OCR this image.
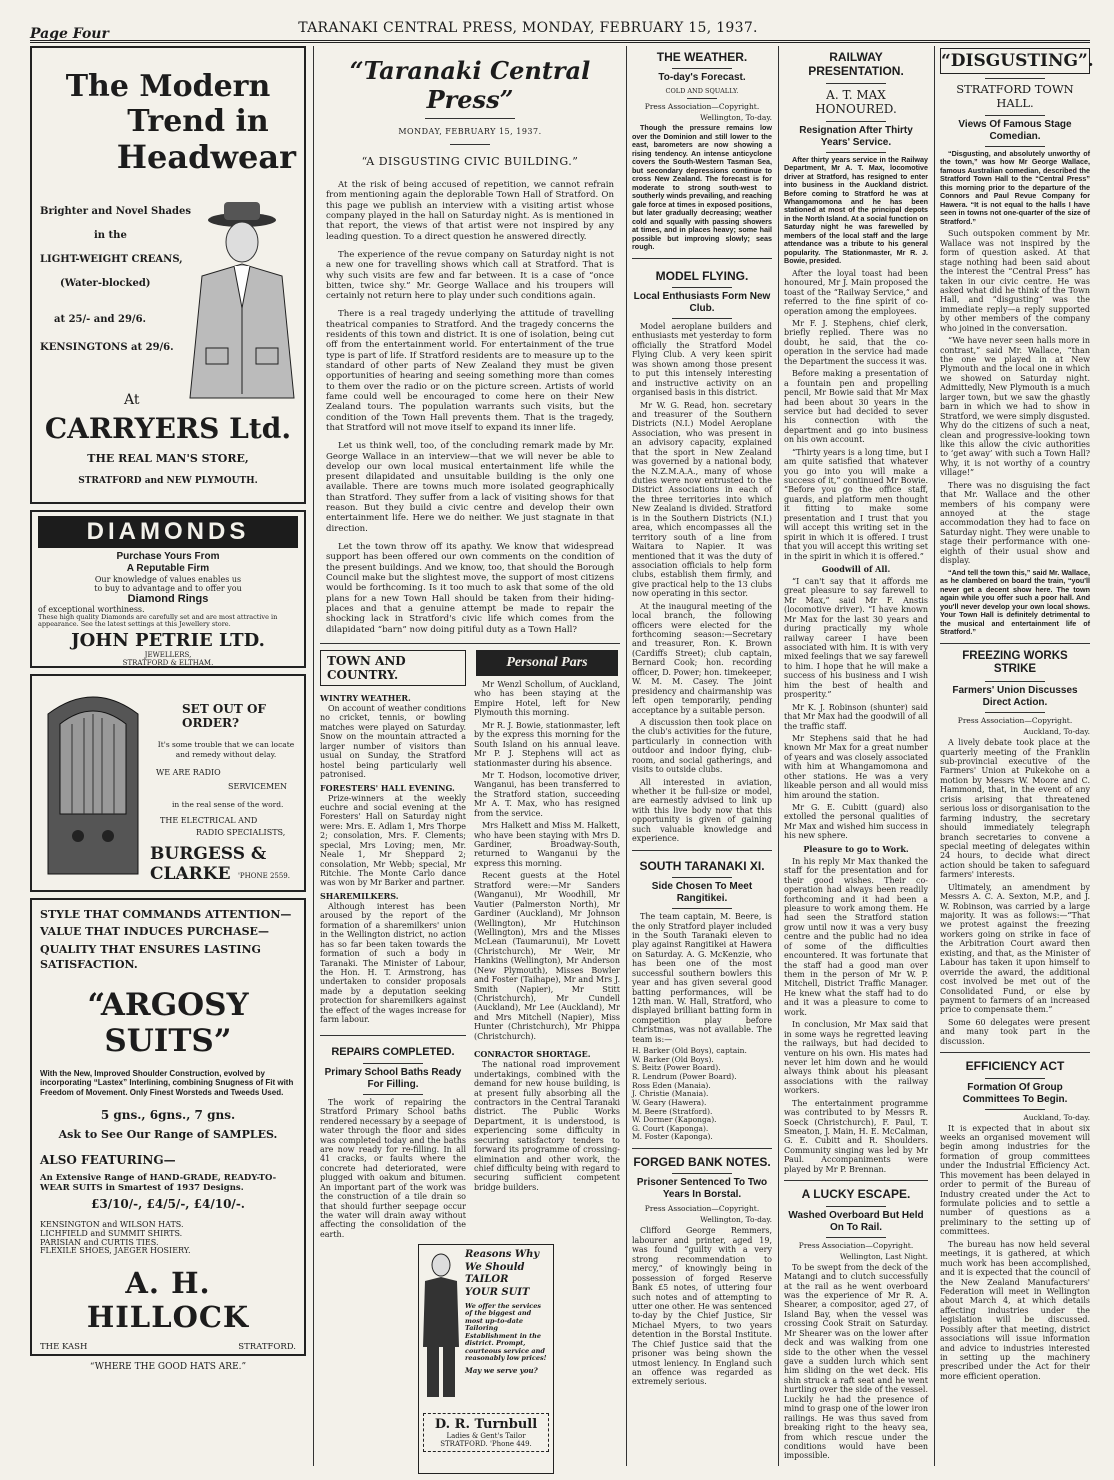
Page Four	TARANAKI CENTRAL PRESS, MONDAY, FEBRUARY 15, 1937.
The Modern
Trend in
Headwear
Brighter and Novel Shades
in the
LIGHT-WEIGHT CREANS,
(Water-blocked)
at 25/- and 29/6.
KENSINGTONS at 29/6.
At
CARRYERS Ltd.
THE REAL MAN'S STORE,
STRATFORD and NEW PLYMOUTH.
DIAMONDS
Purchase Yours From
A Reputable Firm
Our knowledge of values enables us
to buy to advantage and to offer you
Diamond Rings
of exceptional worthiness.
These high quality Diamonds are carefully set and are most attractive in appearance. See the latest settings at this Jewellery store.
JOHN PETRIE LTD.
JEWELLERS,
STRATFORD & ELTHAM.
SET OUT OF ORDER?
It's some trouble that we can locate
and remedy without delay.
WE ARE RADIO
SERVICEMEN
in the real sense of the word.
THE ELECTRICAL AND
RADIO SPECIALISTS,
BURGESS & CLARKE	'PHONE 2559.
STYLE THAT COMMANDS ATTENTION—
VALUE THAT INDUCES PURCHASE—
QUALITY THAT ENSURES LASTING SATISFACTION.
“ARGOSY SUITS”
With the New, Improved Shoulder Construction, evolved by incorporating “Lastex” Interlining, combining Snugness of Fit with Freedom of Movement. Only Finest Worsteds and Tweeds Used.
5 gns., 6gns., 7 gns.
Ask to See Our Range of SAMPLES.
ALSO FEATURING—
An Extensive Range of HAND-GRADE, READY-TO-WEAR SUITS in Smartest of 1937 Designs.
£3/10/-, £4/5/-, £4/10/-.
KENSINGTON and WILSON HATS.
LICHFIELD and SUMMIT SHIRTS.
PARISIAN and CURTIS TIES.
FLEXILE SHOES, JAEGER HOSIERY.
A. H. HILLOCK
THE KASH	STRATFORD.
“WHERE THE GOOD HATS ARE.”
“Taranaki Central Press”
MONDAY, FEBRUARY 15, 1937.
“A DISGUSTING CIVIC BUILDING.”

At the risk of being accused of repetition, we cannot refrain from mentioning again the deplorable Town Hall of Stratford. On this page we publish an interview with a visiting artist whose company played in the hall on Saturday night. As is mentioned in that report, the views of that artist were not inspired by any leading question. To a direct question he answered directly.

The experience of the revue company on Saturday night is not a new one for travelling shows which call at Stratford. That is why such visits are few and far between. It is a case of “once bitten, twice shy.” Mr. George Wallace and his troupers will certainly not return here to play under such conditions again.

There is a real tragedy underlying the attitude of travelling theatrical companies to Stratford. And the tragedy concerns the residents of this town and district. It is one of isolation, being cut off from the entertainment world. For entertainment of the true type is part of life. If Stratford residents are to measure up to the standard of other parts of New Zealand they must be given opportunities of hearing and seeing something more than comes to them over the radio or on the picture screen. Artists of world fame could well be encouraged to come here on their New Zealand tours. The population warrants such visits, but the condition of the Town Hall prevents them. That is the tragedy, that Stratford will not move itself to expand its inner life.

Let us think well, too, of the concluding remark made by Mr. George Wallace in an interview—that we will never be able to develop our own local musical entertainment life while the present dilapidated and unsuitable building is the only one available. There are towns much more isolated geographically than Stratford. They suffer from a lack of visiting shows for that reason. But they build a civic centre and develop their own entertainment life. Here we do neither. We just stagnate in that direction.

Let the town throw off its apathy. We know that widespread support has been offered our own comments on the condition of the present buildings. And we know, too, that should the Borough Council make but the slightest move, the support of most citizens would be forthcoming. Is it too much to ask that some of the old plans for a new Town Hall should be taken from their hiding-places and that a genuine attempt be made to repair the shocking lack in Stratford's civic life which comes from the dilapidated “barn” now doing pitiful duty as a Town Hall?

TOWN AND COUNTRY.
WINTRY WEATHER.

On account of weather conditions no cricket, tennis, or bowling matches were played on Saturday. Snow on the mountain attracted a larger number of visitors than usual on Sunday, the Stratford hostel being particularly well patronised.

FORESTERS' HALL EVENING.

Prize-winners at the weekly euchre and social evening at the Foresters' Hall on Saturday night were: Mrs. E. Adlam 1, Mrs Thorpe 2; consolation, Mrs. F. Clements; special, Mrs Loving; men, Mr. Neale 1, Mr Sheppard 2; consolation, Mr Webb; special, Mr Ritchie. The Monte Carlo dance was won by Mr Barker and partner.

SHAREMILKERS.

Although interest has been aroused by the report of the formation of a sharemilkers' union in the Wellington district, no action has so far been taken towards the formation of such a body in Taranaki. The Minister of Labour, the Hon. H. T. Armstrong, has undertaken to consider proposals made by a deputation seeking protection for sharemilkers against the effect of the wages increase for farm labour.

REPAIRS COMPLETED.
Primary School Baths Ready For Filling.

The work of repairing the Stratford Primary School baths rendered necessary by a seepage of water through the floor and sides was completed today and the baths are now ready for re-filling. In all 41 cracks, or faults where the concrete had deteriorated, were plugged with oakum and bitumen. An important part of the work was the construction of a tile drain so that should further seepage occur the water will drain away without affecting the consolidation of the earth.

Personal Pars

Mr Wenzl Schollum, of Auckland, who has been staying at the Empire Hotel, left for New Plymouth this morning.

Mr R. J. Bowie, stationmaster, left by the express this morning for the South Island on his annual leave. Mr P. J. Stephens will act as stationmaster during his absence.

Mr T. Hodson, locomotive driver, Wanganui, has been transferred to the Stratford station, succeeding Mr A. T. Max, who has resigned from the service.

Mrs Halkett and Miss M. Halkett, who have been staying with Mrs D. Gardiner, Broadway-South, returned to Wanganui by the express this morning.

Recent guests at the Hotel Stratford were:—Mr Sanders (Wanganui), Mr Woodhill, Mr Vautier (Palmerston North), Mr Gardiner (Auckland), Mr Johnson (Wellington), Mr Hutchinson (Wellington), Mrs and the Misses McLean (Taumarunui), Mr Lovett (Christchurch), Mr Weir, Mr Hankins (Wellington), Mr Anderson (New Plymouth), Misses Bowler and Foster (Taihape), Mr and Mrs J. Smith (Napier), Mr Stitt (Christchurch), Mr Cundell (Auckland), Mr Lee (Auckland), Mr and Mrs Mitchell (Napier), Miss Hunter (Christchurch), Mr Phippa (Christchurch).

CONRACTOR SHORTAGE.

The national road improvement undertakings, combined with the demand for new house building, is at present fully absorbing all the contractors in the Central Taranaki district. The Public Works Department, it is understood, is experiencing some difficulty in securing satisfactory tenders to forward its programme of crossing-elimination and other work, the chief difficulty being with regard to securing sufficient competent bridge builders.

Reasons Why
We Should
TAILOR
YOUR SUIT
We offer the services of the biggest and most up-to-date Tailoring Establishment in the district. Prompt, courteous service and reasonably low prices!
May we serve you?
D. R. Turnbull
Ladies & Gent's Tailor
STRATFORD. 'Phone 449.
THE WEATHER.
To-day's Forecast.
COLD AND SQUALLY.
Press Association—Copyright.
Wellington, To-day.

Though the pressure remains low over the Dominion and still lower to the east, barometers are now showing a rising tendency. An intense anticyclone covers the South-Western Tasman Sea, but secondary depressions continue to cross New Zealand. The forecast is for moderate to strong south-west to southerly winds prevailing, and reaching gale force at times in exposed positions, but later gradually decreasing; weather cold and squally with passing showers at times, and in places heavy; some hail possible but improving slowly; seas rough.

MODEL FLYING.
Local Enthusiasts Form New Club.

Model aeroplane builders and enthusiasts met yesterday to form officially the Stratford Model Flying Club. A very keen spirit was shown among those present to put this intensely interesting and instructive activity on an organised basis in this district.

Mr W. G. Read, hon. secretary and treasurer of the Southern Districts (N.I.) Model Aeroplane Association, who was present in an advisory capacity, explained that the sport in New Zealand was governed by a national body, the N.Z.M.A.A., many of whose duties were now entrusted to the District Associations in each of the three territories into which New Zealand is divided. Stratford is in the Southern Districts (N.I.) area, which encompasses all the territory south of a line from Waitara to Napier. It was mentioned that it was the duty of association officials to help form clubs, establish them firmly, and give practical help to the 13 clubs now operating in this sector.

At the inaugural meeting of the local branch, the following officers were elected for the forthcoming season:—Secretary and treasurer, Ron. K. Brown (Cardiffs Street); club captain, Bernard Cook; hon. recording officer, D. Power; hon. timekeeper, W. M. M. Casey. The joint presidency and chairmanship was left open temporarily, pending acceptance by a suitable person.

A discussion then took place on the club's activities for the future, particularly in connection with outdoor and indoor flying, club-room, and social gatherings, and visits to outside clubs.

All interested in aviation, whether it be full-size or model, are earnestly advised to link up with this live body now that this opportunity is given of gaining such valuable knowledge and experience.

SOUTH TARANAKI XI.
Side Chosen To Meet Rangitikei.

The team captain, M. Beere, is the only Stratford player included in the South Taranaki eleven to play against Rangitikei at Hawera on Saturday. A. G. McKenzie, who has been one of the most successful southern bowlers this year and has given several good batting performances, will be 12th man. W. Hall, Stratford, who displayed brilliant batting form in competition play before Christmas, was not available. The team is:—

H. Barker (Old Boys), captain.
W. Barker (Old Boys).
S. Beitz (Power Board).
R. Lendrum (Power Board).
Ross Eden (Manaia).
J. Christie (Manaia).
W. Geary (Hawera).
M. Beere (Stratford).
W. Dormer (Kaponga).
G. Court (Kaponga).
M. Foster (Kaponga).
FORGED BANK NOTES.
Prisoner Sentenced To Two Years In Borstal.
Press Association—Copyright.
Wellington, To-day.

Clifford George Remmers, labourer and printer, aged 19, was found “guilty with a very strong recommendation to mercy,” of knowingly being in possession of forged Reserve Bank £5 notes, of uttering four such notes and of attempting to utter one other. He was sentenced to-day by the Chief Justice, Sir Michael Myers, to two years detention in the Borstal Institute. The Chief Justice said that the prisoner was being shown the utmost leniency. In England such an offence was regarded as extremely serious.

RAILWAY PRESENTATION.
A. T. MAX HONOURED.
Resignation After Thirty Years' Service.

After thirty years service in the Railway Department, Mr A. T. Max, locomotive driver at Stratford, has resigned to enter into business in the Auckland district. Before coming to Stratford he was at Whangamomona and he has been stationed at most of the principal depots in the North Island. At a social function on Saturday night he was farewelled by members of the local staff and the large attendance was a tribute to his general popularity. The Stationmaster, Mr R. J. Bowie, presided.

After the loyal toast had been honoured, Mr J. Main proposed the toast of the “Railway Service,” and referred to the fine spirit of co-operation among the employees.

Mr F. J. Stephens, chief clerk, briefly replied. There was no doubt, he said, that the co-operation in the service had made the Department the success it was.

Before making a presentation of a fountain pen and propelling pencil, Mr Bowie said that Mr Max had been about 30 years in the service but had decided to sever his connection with the department and go into business on his own account.

“Thirty years is a long time, but I am quite satisfied that whatever you go into you will make a success of it,” continued Mr Bowie. “Before you go the office staff, guards, and platform men thought it fitting to make some presentation and I trust that you will accept this writing set in the spirit in which it is offered. I trust that you will accept this writing set in the spirit in which it is offered.”

Goodwill of All.

“I can't say that it affords me great pleasure to say farewell to Mr Max,” said Mr F. Anstis (locomotive driver). “I have known Mr Max for the last 30 years and during practically my whole railway career I have been associated with him. It is with very mixed feelings that we say farewell to him. I hope that he will make a success of his business and I wish him the best of health and prosperity.”

Mr K. J. Robinson (shunter) said that Mr Max had the goodwill of all the traffic staff.

Mr Stephens said that he had known Mr Max for a great number of years and was closely associated with him at Whangamomona and other stations. He was a very likeable person and all would miss him around the station.

Mr G. E. Cubitt (guard) also extolled the personal qualities of Mr Max and wished him success in his new sphere.

Pleasure to go to Work.

In his reply Mr Max thanked the staff for the presentation and for their good wishes. Their co-operation had always been readily forthcoming and it had been a pleasure to work among them. He had seen the Stratford station grow until now it was a very busy centre and the public had no idea of some of the difficulties encountered. It was fortunate that the staff had a good man over them in the person of Mr W. P. Mitchell, District Traffic Manager. He knew what the staff had to do and it was a pleasure to come to work.

In conclusion, Mr Max said that in some ways he regretted leaving the railways, but had decided to venture on his own. His mates had never let him down and he would always think about his pleasant associations with the railway workers.

The entertainment programme was contributed to by Messrs R. Soeck (Christchurch), F. Paul, T. Smeaton, J. Main, H. E. McCalman, G. E. Cubitt and R. Shoulders. Community singing was led by Mr Paul. Accompaniments were played by Mr P. Brennan.

A LUCKY ESCAPE.
Washed Overboard But Held On To Rail.
Press Association—Copyright.
Wellington, Last Night.

To be swept from the deck of the Matangi and to clutch successfully at the rail as he went overboard was the experience of Mr R. A. Shearer, a compositor, aged 27, of Island Bay, when the vessel was crossing Cook Strait on Saturday. Mr Shearer was on the lower after deck and was walking from one side to the other when the vessel gave a sudden lurch which sent him sliding on the wet deck. His shin struck a raft seat and he went hurtling over the side of the vessel. Luckily he had the presence of mind to grasp one of the lower iron railings. He was thus saved from breaking right to the heavy sea, from which rescue under the conditions would have been impossible.

“DISGUSTING”.
STRATFORD TOWN HALL.
Views Of Famous Stage Comedian.

“Disgusting, and absolutely unworthy of the town,” was how Mr George Wallace, famous Australian comedian, described the Stratford Town Hall to the “Central Press” this morning prior to the departure of the Connors and Paul Revue Company for Hawera. “It is not equal to the halls I have seen in towns not one-quarter of the size of Stratford.”

Such outspoken comment by Mr. Wallace was not inspired by the form of question asked. At that stage nothing had been said about the interest the “Central Press” has taken in our civic centre. He was asked what did he think of the Town Hall, and “disgusting” was the immediate reply—a reply supported by other members of the company who joined in the conversation.

“We have never seen halls more in contrast,” said Mr. Wallace, “than the one we played in at New Plymouth and the local one in which we showed on Saturday night. Admittedly, New Plymouth is a much larger town, but we saw the ghastly barn in which we had to show in Stratford, we were simply disgusted. Why do the citizens of such a neat, clean and progressive-looking town like this allow the civic authorities to ‘get away’ with such a Town Hall? Why, it is not worthy of a country village!”

There was no disguising the fact that Mr. Wallace and the other members of his company were annoyed at the stage accommodation they had to face on Saturday night. They were unable to stage their performance with one-eighth of their usual show and display.

“And tell the town this,” said Mr. Wallace, as he clambered on board the train, “you'll never get a decent show here. The town again while you offer such a poor hall. And you'll never develop your own local shows. Your Town Hall is definitely detrimental to the musical and entertainment life of Stratford.”

FREEZING WORKS STRIKE
Farmers' Union Discusses Direct Action.
Press Association—Copyright.
Auckland, To-day.

A lively debate took place at the quarterly meeting of the Franklin sub-provincial executive of the Farmers' Union at Pukekohe on a motion by Messrs W. Moore and C. Hammond, that, in the event of any crisis arising that threatened serious loss or disorganisation to the farming industry, the secretary should immediately telegraph branch secretaries to convene a special meeting of delegates within 24 hours, to decide what direct action should be taken to safeguard farmers' interests.

Ultimately, an amendment by Messrs A. C. A. Sexton, M.P., and J. W. Robinson, was carried by a large majority. It was as follows:—“That we protest against the freezing workers going on strike in face of the Arbitration Court award then existing, and that, as the Minister of Labour has taken it upon himself to override the award, the additional cost involved be met out of the Consolidated Fund, or else by payment to farmers of an increased price to compensate them.”

Some 60 delegates were present and many took part in the discussion.

EFFICIENCY ACT
Formation Of Group Committees To Begin.
Auckland, To-day.

It is expected that in about six weeks an organised movement will begin among industries for the formation of group committees under the Industrial Efficiency Act. This movement has been delayed in order to permit of the Bureau of Industry created under the Act to formulate policies and to settle a number of questions as a preliminary to the setting up of committees.

The bureau has now held several meetings, it is gathered, at which much work has been accomplished, and it is expected that the council of the New Zealand Manufacturers' Federation will meet in Wellington about March 4, at which details affecting industries under the legislation will be discussed. Possibly after that meeting, district associations will issue information and advice to industries interested in setting up the machinery prescribed under the Act for their more efficient operation.
